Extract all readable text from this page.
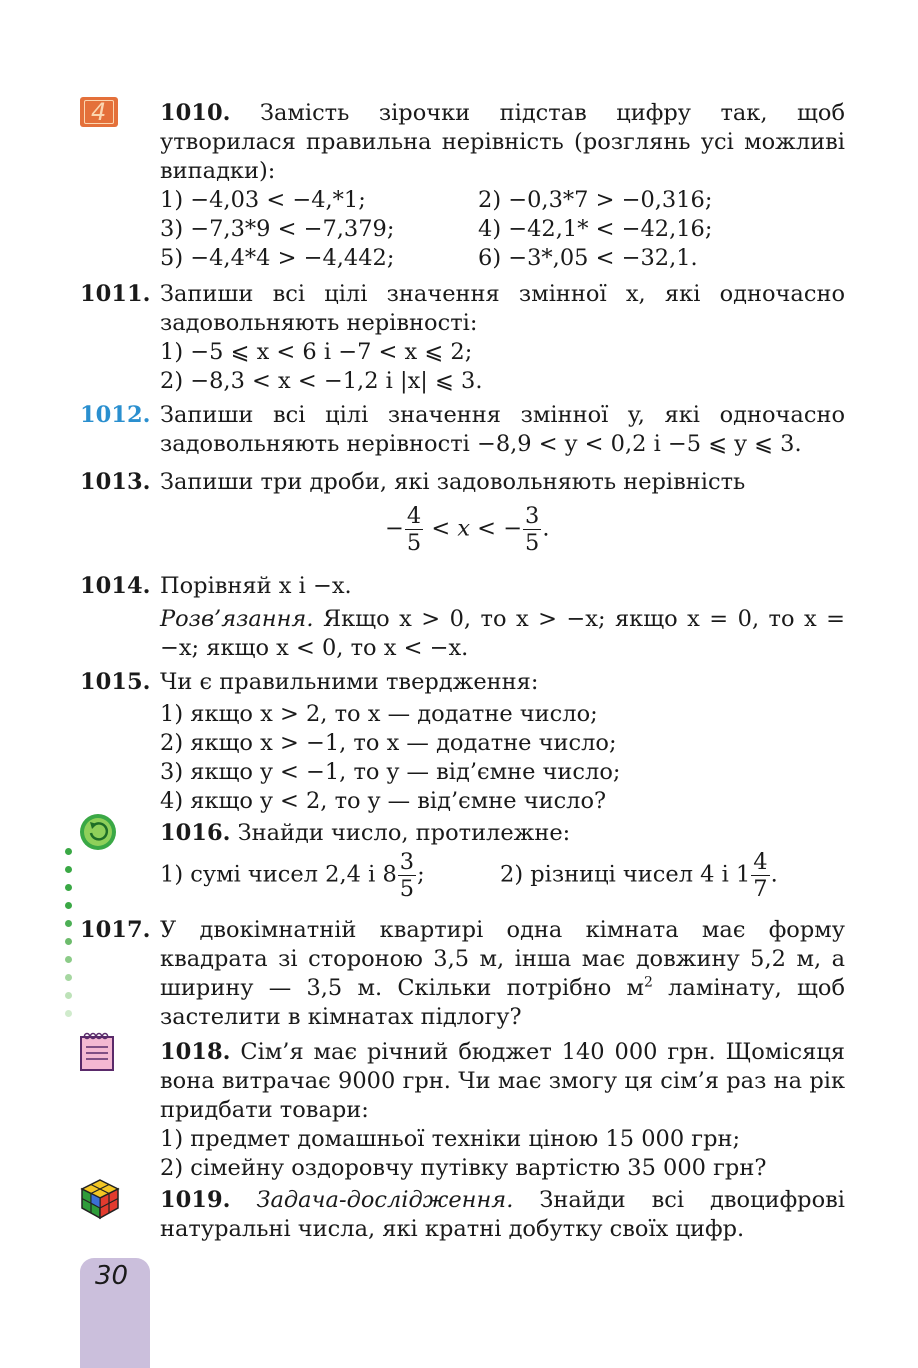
4 1010. Замість зірочки підстав цифру так, щоб утворилася правильна нерівність (розглянь усі можливі випадки):
1) −4,03 < −4,*1;	2) −0,3*7 > −0,316;
3) −7,3*9 < −7,379;	4) −42,1* < −42,16;
5) −4,4*4 > −4,442;	6) −3*,05 < −32,1.
1011. Запиши всі цілі значення змінної x, які одночасно задовольняють нерівності:
1) −5 ⩽ x < 6 і −7 < x ⩽ 2;
2) −8,3 < x < −1,2 і |x| ⩽ 3.
1012. Запиши всі цілі значення змінної y, які одночасно задовольняють нерівності −8,9 < y < 0,2 і −5 ⩽ y ⩽ 3.
1013. Запиши три дроби, які задовольняють нерівність
− $\frac{4}{5} < x$ < − $\frac{3}{5}$ .
1014. Порівняй x і −x.
Розв’язання. Якщо x > 0, то x > −x; якщо x = 0, то x = −x; якщо x < 0, то x < −x.
1015. Чи є правильними твердження:
1) якщо x > 2, то x — додатне число;
2) якщо x > −1, то x — додатне число;
3) якщо y < −1, то y — від’ємне число;
4) якщо y < 2, то y — від’ємне число?
1016. Знайди число, протилежне:
1) сумі чисел 2,4 і $8 \frac{3}{5}$ ;	2) різниці чисел 4 і $1 \frac{4}{7}$ .
1017. У двокімнатній квартирі одна кімната має форму квадрата зі стороною 3,5 м, інша має довжину 5,2 м, а ширину — 3,5 м. Скільки потрібно $м^2$ ламінату, щоб застелити в кімнатах підлогу?
1018. Сім’я має річний бюджет 140 000 грн. Щомісяця вона витрачає 9000 грн. Чи має змогу ця сім’я раз на рік придбати товари:
1) предмет домашньої техніки ціною 15 000 грн;
2) сімейну оздоровчу путівку вартістю 35 000 грн?
1019. Задача-дослідження. Знайди всі двоцифрові натуральні числа, які кратні добутку своїх цифр.
30
